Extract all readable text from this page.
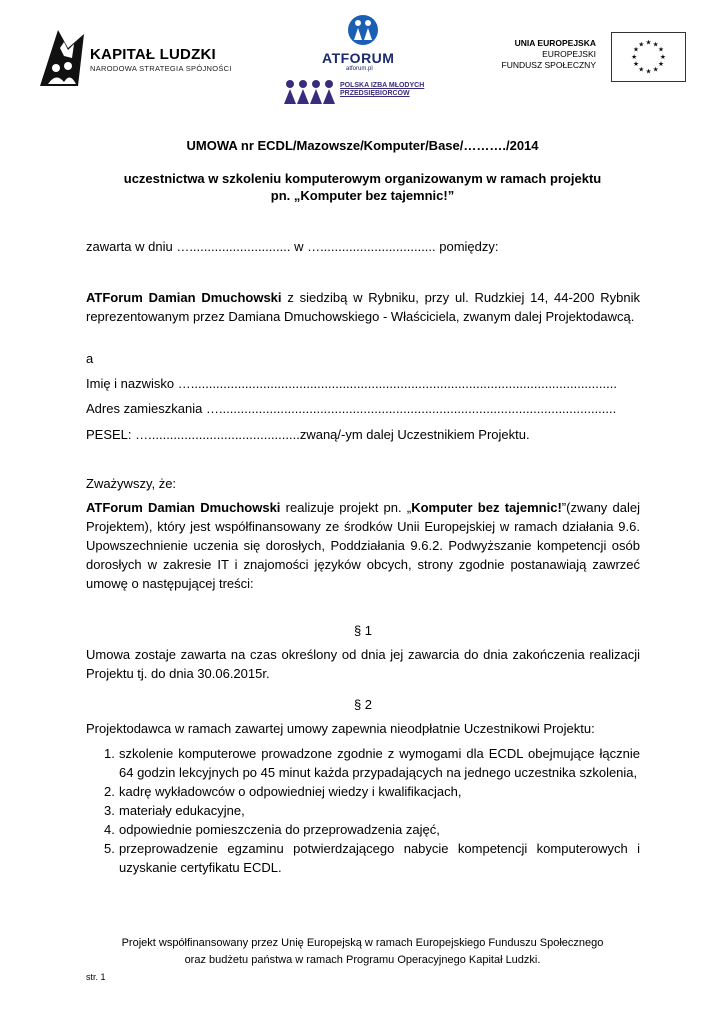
KAPITAŁ LUDZKI
NARODOWA STRATEGIA SPÓJNOŚCI
ATFORUM
atforum.pl
POLSKA IZBA MŁODYCH
PRZEDSIĘBIORCÓW
UNIA EUROPEJSKA
EUROPEJSKI
FUNDUSZ SPOŁECZNY
★ ★
★
★
★
★
★
★
★
★
★
★
UMOWA nr ECDL/Mazowsze/Komputer/Base/………./2014
uczestnictwa w szkoleniu komputerowym organizowanym w ramach projektu
pn. „Komputer bez tajemnic!”
zawarta w dniu …............................ w …................................ pomiędzy:
ATForum Damian Dmuchowski z siedzibą w Rybniku, przy ul. Rudzkiej 14, 44-200 Rybnik reprezentowanym przez Damiana Dmuchowskiego - Właściciela, zwanym dalej Projektodawcą.
a
Imię i nazwisko …......................................................................................................................
Adres zamieszkania …..............................................................................................................
PESEL: …..........................................zwaną/-ym dalej Uczestnikiem Projektu.
Zważywszy, że:
ATForum Damian Dmuchowski realizuje projekt pn. „Komputer bez tajemnic!”(zwany dalej Projektem), który jest współfinansowany ze środków Unii Europejskiej w ramach działania 9.6. Upowszechnienie uczenia się dorosłych, Poddziałania 9.6.2. Podwyższanie kompetencji osób dorosłych w zakresie IT i znajomości języków obcych, strony zgodnie postanawiają zawrzeć umowę o następującej treści:
§ 1
Umowa zostaje zawarta na czas określony od dnia jej zawarcia do dnia zakończenia realizacji Projektu tj. do dnia 30.06.2015r.
§ 2
Projektodawca w ramach zawartej umowy zapewnia nieodpłatnie Uczestnikowi Projektu:
1. szkolenie komputerowe prowadzone zgodnie z wymogami dla ECDL obejmujące łącznie 64 godzin lekcyjnych po 45 minut każda przypadających na jednego uczestnika szkolenia,
2. kadrę wykładowców o odpowiedniej wiedzy i kwalifikacjach,
3. materiały edukacyjne,
4. odpowiednie pomieszczenia do przeprowadzenia zajęć,
5. przeprowadzenie egzaminu potwierdzającego nabycie kompetencji komputerowych i uzyskanie certyfikatu ECDL.
Projekt współfinansowany przez Unię Europejską w ramach Europejskiego Funduszu Społecznego
oraz budżetu państwa w ramach Programu Operacyjnego Kapitał Ludzki.
str. 1
